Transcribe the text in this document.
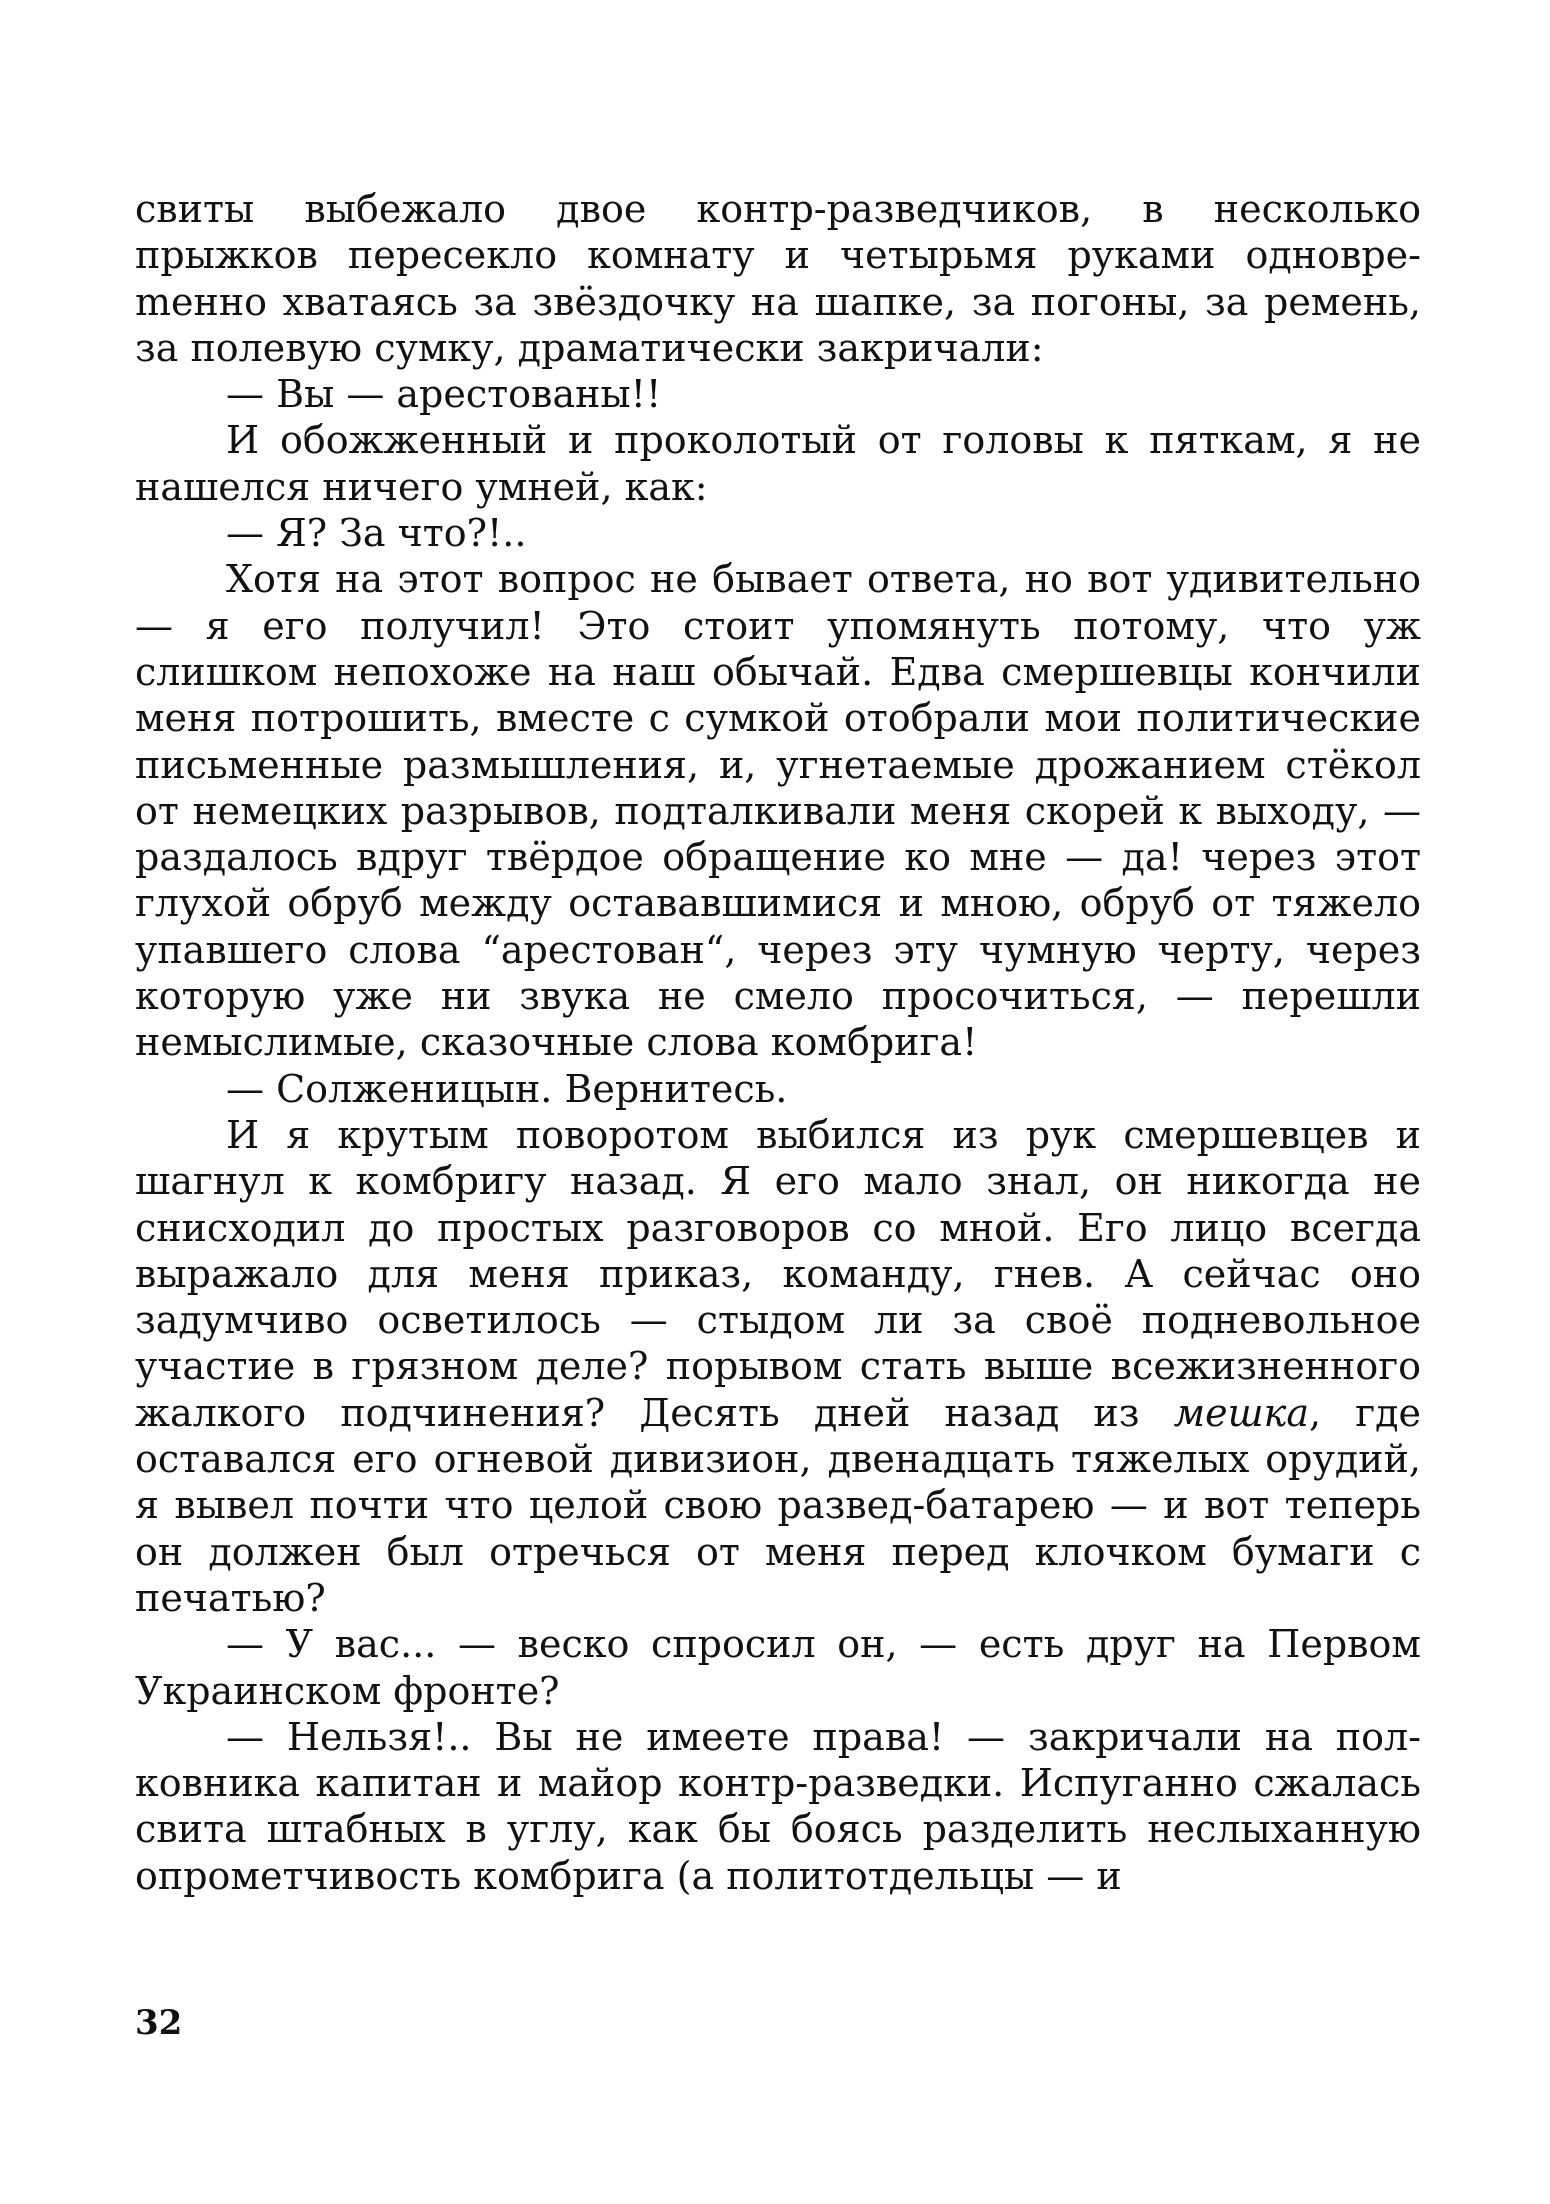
свиты выбежало двое контр-разведчиков, в несколько прыжков пересекло комнату и четырьмя руками одновреmенно хватаясь за звёздочку на шапке, за погоны, за ремень, за полевую сумку, драматически закричали:

— Вы — арестованы!!

И обожженный и проколотый от головы к пяткам, я не нашелся ничего умней, как:

— Я? За что?!..

Хотя на этот вопрос не бывает ответа, но вот удивительно — я его получил! Это стоит упомянуть потому, что уж слишком непохоже на наш обычай. Едва смершевцы кончили меня потрошить, вместе с сумкой отобрали мои политические письменные размышления, и, угнетаемые дрожанием стёкол от немецких разрывов, подталкивали меня скорей к выходу, — раздалось вдруг твёрдое обращение ко мне — да! через этот глухой обруб между остававшимися и мною, обруб от тяжело упавшего слова “арестован“, через эту чумную черту, через которую уже ни звука не смело просочиться, — перешли немыслимые, сказочные слова комбрига!

— Солженицын. Вернитесь.

И я крутым поворотом выбился из рук смершевцев и шагнул к комбригу назад. Я его мало знал, он никогда не снисходил до простых разговоров со мной. Его лицо всегда выражало для меня приказ, команду, гнев. А сейчас оно задумчиво осветилось — стыдом ли за своё подневольное участие в грязном деле? порывом стать выше всежизненного жалкого подчинения? Десять дней назад из мешка, где оставался его огневой дивизион, двенадцать тяжелых орудий, я вывел почти что целой свою развед-батарею — и вот теперь он должен был отречься от меня перед клочком бумаги с печатью?

— У вас... — веско спросил он, — есть друг на Первом Украинском фронте?

— Нельзя!.. Вы не имеете права! — закричали на полковника капитан и майор контр-разведки. Испуганно сжалась свита штабных в углу, как бы боясь разделить неслыханную опрометчивость комбрига (а политотдельцы — и

32
